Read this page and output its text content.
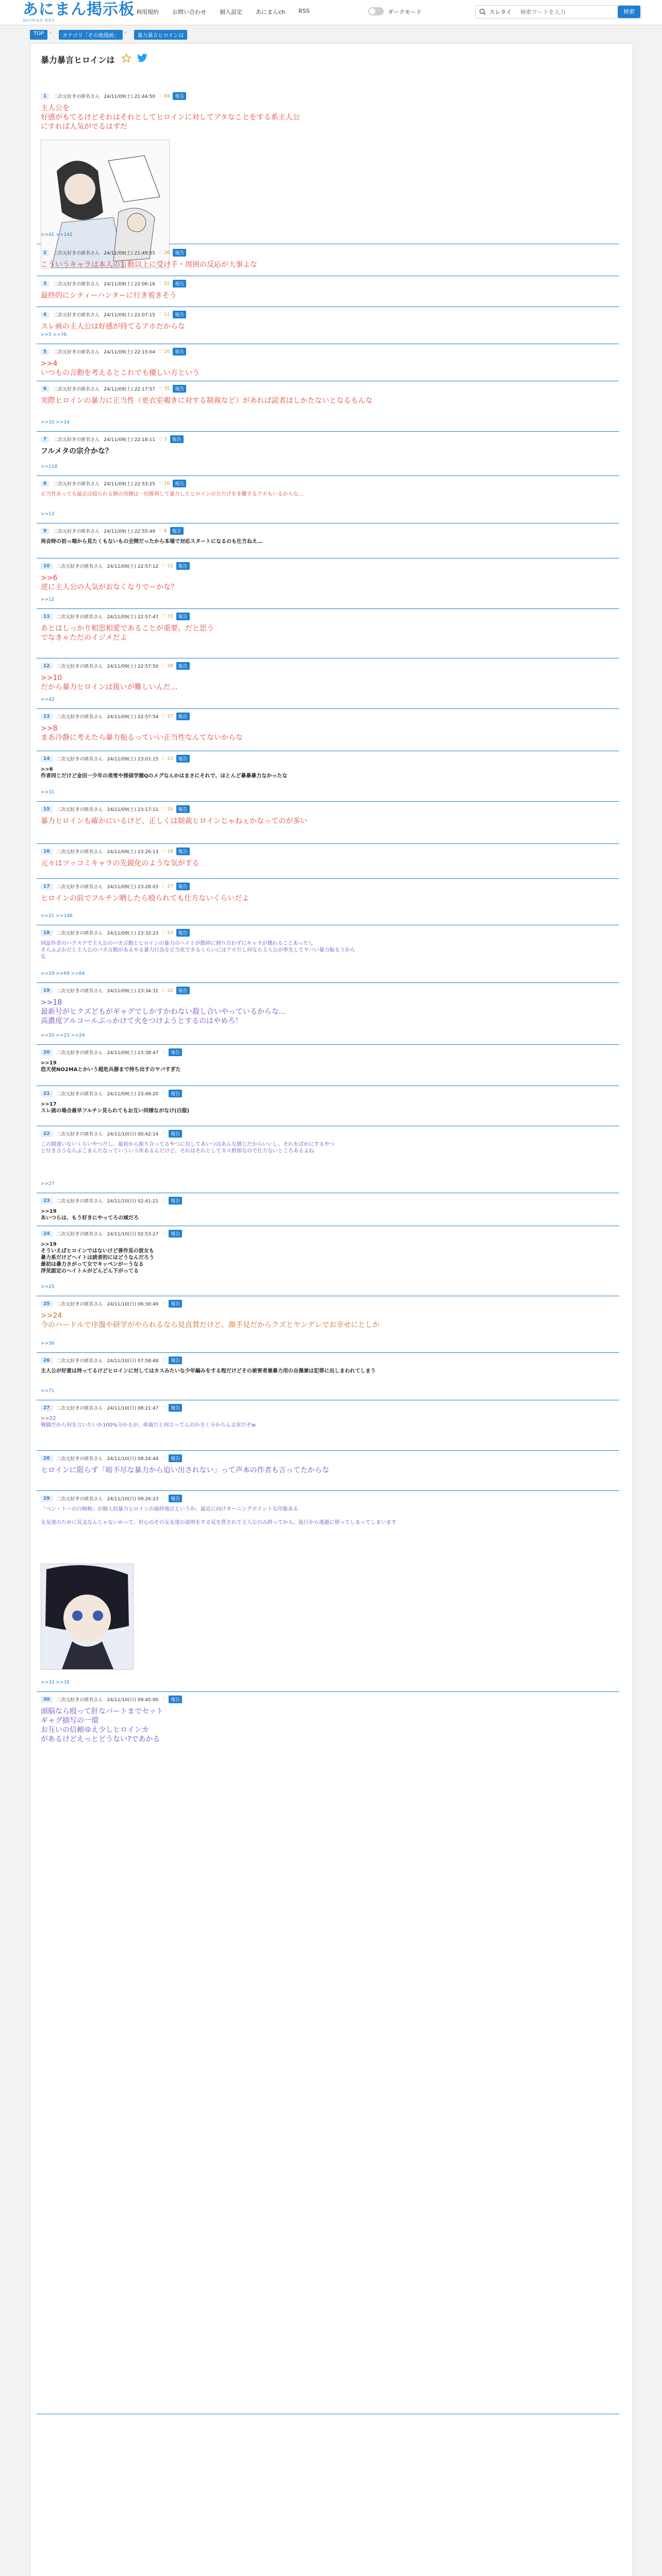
あにまん掲示板
animan bbs
利用規約 お問い合わせ 個人設定 あにまんch RSS	ダークモード	スレタイ
検索ワードを入力	検索
TOP	›
カテゴリ「その他漫画」
›
暴力暴言ヒロインは
暴力暴言ヒロインは
1	二次元好きの匿名さん 24/11/09(土) 21:44:50 ♡ 84	報告
主人公を
好感がもてるけどそれはそれとしてヒロインに対してアタなことをする系主人公
にすれば人気がでるはずだ
>>41 >>142
2	二次元好きの匿名さん 24/11/09(土) 21:49:55 ♡ 26	報告
こういうキャラは本人の言動以上に受け手・周囲の反応が大事よな
3	二次元好きの匿名さん 24/11/09(土) 22:06:16 ♡ 22	報告
最終的にシティーハンターに行き着きそう
4	二次元好きの匿名さん 24/11/09(土) 22:07:15 ♡ 11	報告
スレ画の主人公は好感が持てるアホだからな
>>5 >>76
5	二次元好きの匿名さん 24/11/09(土) 22:15:04 ♡ 16	報告
>>4
いつもの言動を考えるとこれでも優しい方という
6	二次元好きの匿名さん 24/11/09(土) 22:17:57 ♡ 35	報告
実際ヒロインの暴力に正当性（更衣室覗きに対する制裁など）があれば読者はしかたないとなるもんな
>>10 >>14
7	二次元好きの匿名さん 24/11/09(土) 22:18:11 ♡ 3	報告
フルメタの宗介かな？
>>118
8	二次元好きの匿名さん 24/11/09(土) 22:53:25 ♡ 16	報告
正当性あっても最近は殴られる側の男側は一切勝利して暴力したヒロインの方だけを非難するアホもいるからな…
>>13
9	二次元好きの匿名さん 24/11/09(土) 22:55:49 ♡ 6	報告
再会時の初っ端から見たくもないもの全開だったから本場で対応スタートになるのも仕方ねえ…
10	二次元好きの匿名さん 24/11/09(土) 22:57:12 ♡ 12	報告
>>6
逆に主人公の人気がおなくなりでーかな？
>>12
11	二次元好きの匿名さん 24/11/09(土) 22:57:47 ♡ 33	報告
あとはしっかり相思相愛であることが重要。だと思う
でなきゃただのイジメだよ
12	二次元好きの匿名さん 24/11/09(土) 22:57:50 ♡ 28	報告
>>10
だから暴力ヒロインは扱いが難しいんだ…
>>42
13	二次元好きの匿名さん 24/11/09(土) 22:57:54 ♡ 27	報告
>>8
まあ冷静に考えたら暴力振るっていい正当性なんてないからな
14	二次元好きの匿名さん 24/11/09(土) 23:01:15 ♡ 23	報告
>>6
作者同じだけど金田一少年の美雪や探偵学園Qのメグなんかはまさにそれで、ほとんど暴暴暴力なかったな
>>31
15	二次元好きの匿名さん 24/11/09(土) 23:17:11 ♡ 20	報告
暴力ヒロインも確かにいるけど、正しくは制裁ヒロインじゃねぇかなってのが多い
16	二次元好きの匿名さん 24/11/09(土) 23:26:13 ♡ 18	報告
元々はツッコミキャラの先鋭化のような気がする
17	二次元好きの匿名さん 24/11/09(土) 23:28:03 ♡ 27	報告
ヒロインの前でフルチン晒したら殴られても仕方ないくらいだよ
>>21 >>146
18	二次元好きの匿名さん 24/11/09(土) 23:32:23 ♡ 23	報告
同誌作者のハクステで主人公のバカ言動とヒロインの暴力のヘイトが散砕に割り合わずにキャラが壊れることあったし
そらふぶかだと主人公のバカ言動があるやる暴力行為を正当化できるくらいにはアホだし何なら主人公が率先してヤバい暴力振るうから
な
>>19 >>69 >>84
19	二次元好きの匿名さん 24/11/09(土) 23:34:31 ♡ 22	報告
>>18
最新号がヒクズどもがギャグでしかすかわない殺し合いやっているからな…
高濃度アルコールぶっかけて火をつけようとするのはやめろ！
>>20 >>23 >>24
20	二次元好きの匿名さん 24/11/09(土) 23:38:47 ♡	報告
>>19
恐天使NO2MAとかいう超危兵器まで持ち出すのヤバすぎた
21	二次元好きの匿名さん 24/11/09(土) 23:49:20 ♡	報告
>>17
スレ画の場合最早フルチン見られてもお互い同様ながなけ(白服)
22	二次元好きの匿名さん 24/11/10(日) 00:42:14 ♡	報告
この間違いないくらいやつだし、最初から振り合ってるやつに対してあいつはあんな感じだからいいし、それをばかにするやつ
と付き合うならぶこまんだなっていういう所あるんだけど、それはそれとしてカス野郎なので仕方ないところあるよね
>>27
23	二次元好きの匿名さん 24/11/10(日) 02:41:21 ♡	報告
>>19
あいつらは、もう好きにやってろの域だろ
24	二次元好きの匿名さん 24/11/10(日) 02:53:27 ♡	報告
>>19
そういえばヒロインではないけど善作見の彼女も
暴力系だけどヘイトは読者的にはどうなんだろう
最初は暴力さがって女でキッペンがーうなる
浮気認定のヘイトルがどんどん下がってる
>>25
25	二次元好きの匿名さん 24/11/10(日) 06:30:49 ♡	報告
>>24
今のハードルで序盤や研学がやられるなら見直賛だけど、顔手見だからクズとヤンデレでお幸せにとしか
>>36
26	二次元好きの匿名さん 24/11/10(日) 07:58:48 ♡	報告
主人公が好意は持ってるけどヒロインに対してはカスみたいな少年編みをする程だけどその被害者兼暴力用の自傷兼は犯罪に出しまわれてしまう
>>71
27	二次元好きの匿名さん 24/11/10(日) 08:21:47 ♡	報告
>>22
戦闘だから何を言いたいか100%分かるが、体裁だと何言ってんのか全く分からん文章だぞw
28	二次元好きの匿名さん 24/11/10(日) 08:24:44 ♡	報告
ヒロインに限らず「暗不尽な暴力から追い出されない」って声本の作者も言ってたからな
29	二次元好きの匿名さん 24/11/10(日) 09:26:23 ♡	報告
「ベン・トーの白梅梅」が個人的暴力ヒロインの最終地点というか、最近に向けターニングポイントな印象ある

女友達のために長文なんじゃないかって、好心のその女友達の説明をする見を賞されて主人公のみ終ってから、流行から逃避に使ってしまってしまいます
>>33 >>35
30	二次元好きの匿名さん 24/11/10(日) 09:45:00 ♡	報告
頭脳なら殴って肝なパートまでセット
ギャグ描写の一環
お互いの信頼ゆえ少しヒロインカ
があるけどえっとどうない?であかる
